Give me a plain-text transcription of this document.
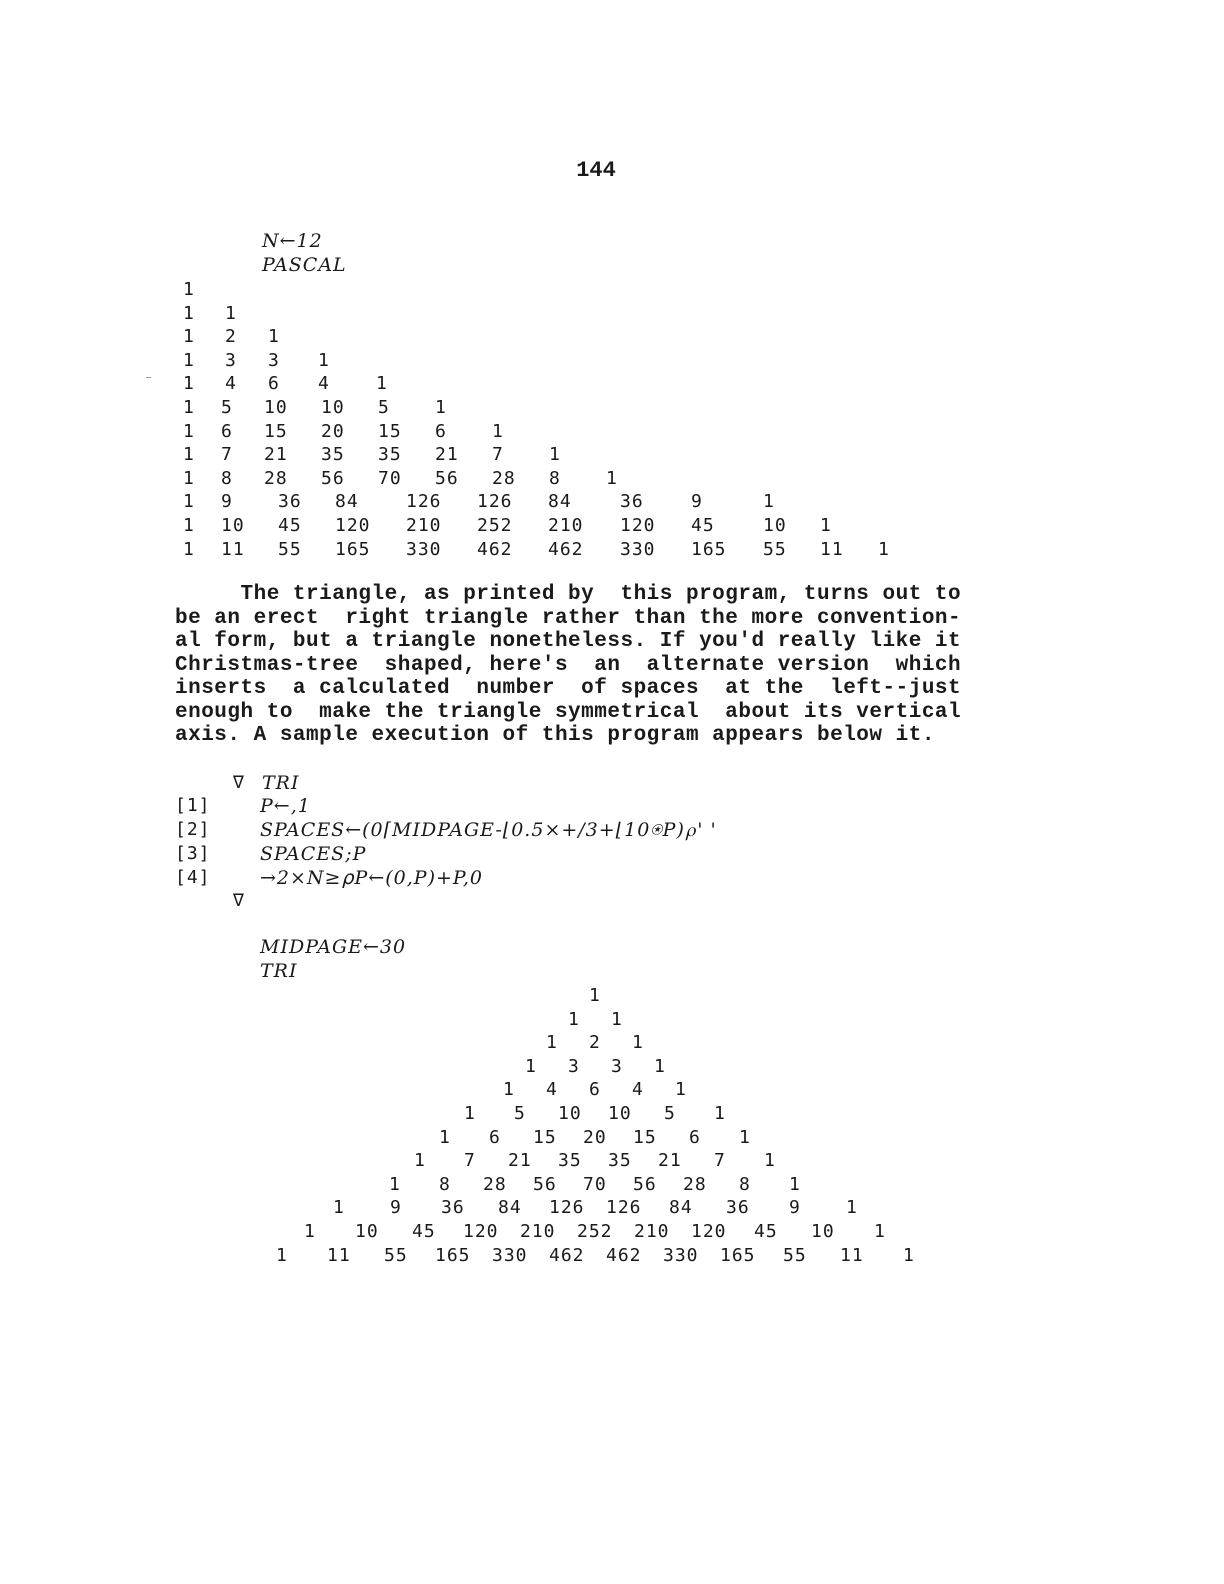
144
N←12
PASCAL
1
1 1
1 2 1
1 3 3 1
1 4 6 4	1
1 5 10 10 5	1
1 6 15 20 15 6	1
1 7 21 35 35 21 7	1
1 8 28 56 70 56 28 8	1
1 9	36 84	126 126 84	36	9	1
1 10 45 120 210 252 210 120 45	10 1
1 11 55 165 330 462 462 330 165 55 11 1
The triangle, as printed by  this program, turns out to
be an erect  right triangle rather than the more convention-
al form, but a triangle nonetheless. If you'd really like it
Christmas-tree  shaped, here's  an  alternate version  which
inserts  a calculated  number  of spaces  at the  left--just
enough to  make the triangle symmetrical  about its vertical
axis. A sample execution of this program appears below it.
∇ TRI
[1]	P←,1
[2]	SPACES←(0⌈MIDPAGE-⌊0.5×+/3+⌊10⍟P)⍴' '
[3]	SPACES;P
[4]	→2×N≥⍴P←(0,P)+P,0
∇
MIDPAGE←30
TRI
1
1 1
1 2 1
1 3 3 1
1 4 6 4 1
1 5 10 10 5 1
1 6 15 20 15 6 1
1 7 21 35 35 21 7 1
1 8 28 56 70 56 28 8 1
1	9 36 84 126 126 84 36 9	1
1 10 45 120 210 252 210 120 45 10 1
1 11 55 165 330 462 462 330 165 55 11 1
